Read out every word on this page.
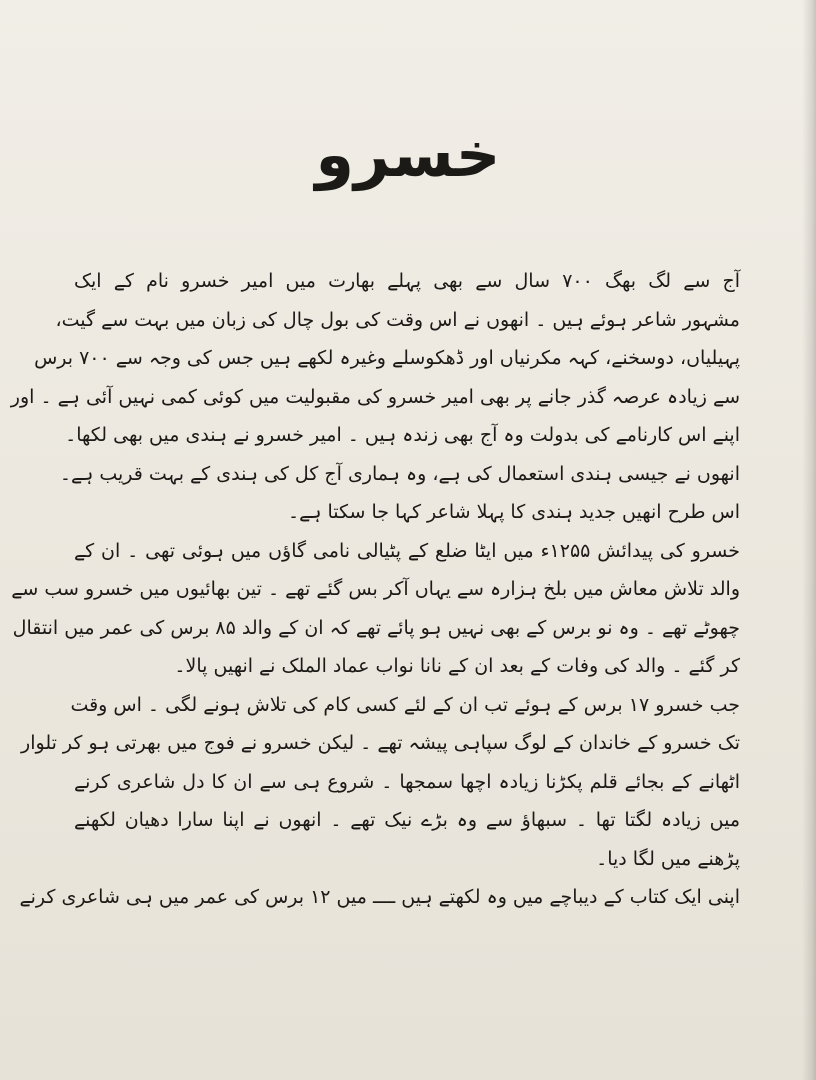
خسرو
آج سے لگ بھگ ۷۰۰ سال سے بھی پہلے بھارت میں امیر خسرو نام کے ایک
مشہور شاعر ہوئے ہیں ۔ انھوں نے اس وقت کی بول چال کی زبان میں بہت سے گیت،
پہیلیاں، دوسخنے، کہہ مکرنیاں اور ڈھکوسلے وغیرہ لکھے ہیں جس کی وجہ سے ۷۰۰ برس
سے زیادہ عرصہ گذر جانے پر بھی امیر خسرو کی مقبولیت میں کوئی کمی نہیں آئی ہے ۔ اور
اپنے اس کارنامے کی بدولت وہ آج بھی زندہ ہیں ۔ امیر خسرو نے ہندی میں بھی لکھا۔
انھوں نے جیسی ہندی استعمال کی ہے، وہ ہماری آج کل کی ہندی کے بہت قریب ہے۔
اس طرح انھیں جدید ہندی کا پہلا شاعر کہا جا سکتا ہے۔
خسرو کی پیدائش ۱۲۵۵ء میں ایٹا ضلع کے پٹیالی نامی گاؤں میں ہوئی تھی ۔ ان کے
والد تلاش معاش میں بلخ ہزارہ سے یہاں آکر بس گئے تھے ۔ تین بھائیوں میں خسرو سب سے
چھوٹے تھے ۔ وہ نو برس کے بھی نہیں ہو پائے تھے کہ ان کے والد ۸۵ برس کی عمر میں انتقال
کر گئے ۔ والد کی وفات کے بعد ان کے نانا نواب عماد الملک نے انھیں پالا۔
جب خسرو ۱۷ برس کے ہوئے تب ان کے لئے کسی کام کی تلاش ہونے لگی ۔ اس وقت
تک خسرو کے خاندان کے لوگ سپاہی پیشہ تھے ۔ لیکن خسرو نے فوج میں بھرتی ہو کر تلوار
اٹھانے کے بجائے قلم پکڑنا زیادہ اچھا سمجھا ۔ شروع ہی سے ان کا دل شاعری کرنے
میں زیادہ لگتا تھا ۔ سبھاؤ سے وہ بڑے نیک تھے ۔ انھوں نے اپنا سارا دھیان لکھنے
پڑھنے میں لگا دیا۔
اپنی ایک کتاب کے دیباچے میں وہ لکھتے ہیں ــــ میں ۱۲ برس کی عمر میں ہی شاعری کرنے
